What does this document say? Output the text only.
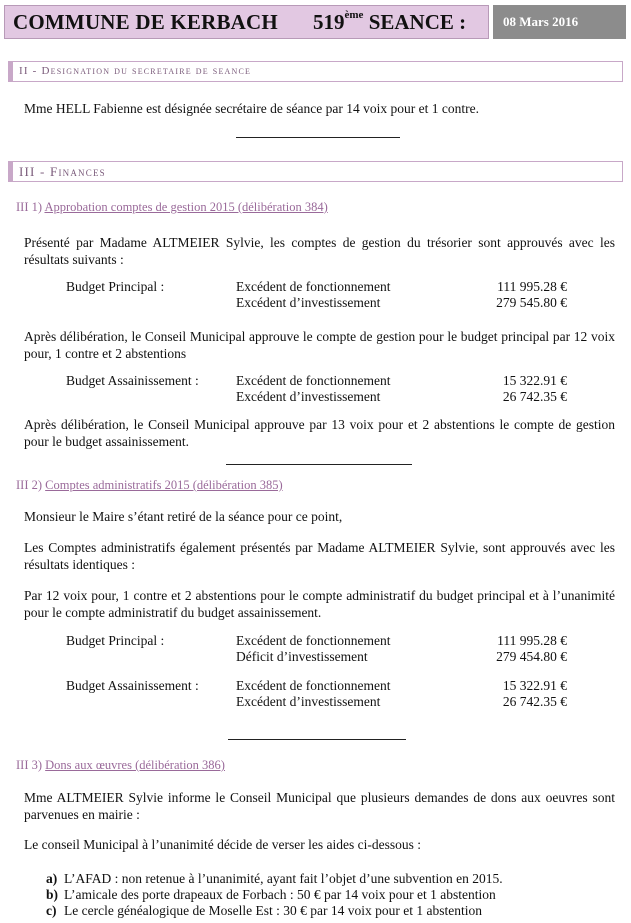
COMMUNE DE KERBACH 519ème SEANCE :	08 Mars 2016
II - Designation du secretaire de seance
Mme HELL Fabienne est désignée secrétaire de séance par 14 voix pour et 1 contre.
III - Finances
III 1) Approbation comptes de gestion 2015 (délibération 384)
Présenté par Madame ALTMEIER Sylvie, les comptes de gestion du trésorier sont approuvés avec les résultats suivants :
Budget Principal :	Excédent de fonctionnement	111 995.28 €
Excédent d’investissement	279 545.80 €
Après délibération, le Conseil Municipal approuve le compte de gestion pour le budget principal par 12 voix pour, 1 contre et 2 abstentions
Budget Assainissement :	Excédent de fonctionnement	15 322.91 €
Excédent d’investissement	26 742.35 €
Après délibération, le Conseil Municipal approuve par 13 voix pour et 2 abstentions le compte de gestion pour le budget assainissement.
III 2) Comptes administratifs 2015 (délibération 385)
Monsieur le Maire s’étant retiré de la séance pour ce point,
Les Comptes administratifs également présentés par Madame ALTMEIER Sylvie, sont approuvés avec les résultats identiques :
Par 12 voix pour, 1 contre et 2 abstentions pour le compte administratif du budget principal et à l’unanimité pour le compte administratif du budget assainissement.
Budget Principal :	Excédent de fonctionnement	111 995.28 €
Déficit d’investissement	279 454.80 €
Budget Assainissement :	Excédent de fonctionnement	15 322.91 €
Excédent d’investissement	26 742.35 €
III 3) Dons aux œuvres (délibération 386)
Mme ALTMEIER Sylvie informe le Conseil Municipal que plusieurs demandes de dons aux oeuvres sont parvenues en mairie :
Le conseil Municipal à l’unanimité décide de verser les aides ci-dessous :
a) L’AFAD : non retenue à l’unanimité, ayant fait l’objet d’une subvention en 2015.
b) L’amicale des porte drapeaux de Forbach : 50 € par 14 voix pour et 1 abstention
c) Le cercle généalogique de Moselle Est : 30 € par 14 voix pour et 1 abstention
